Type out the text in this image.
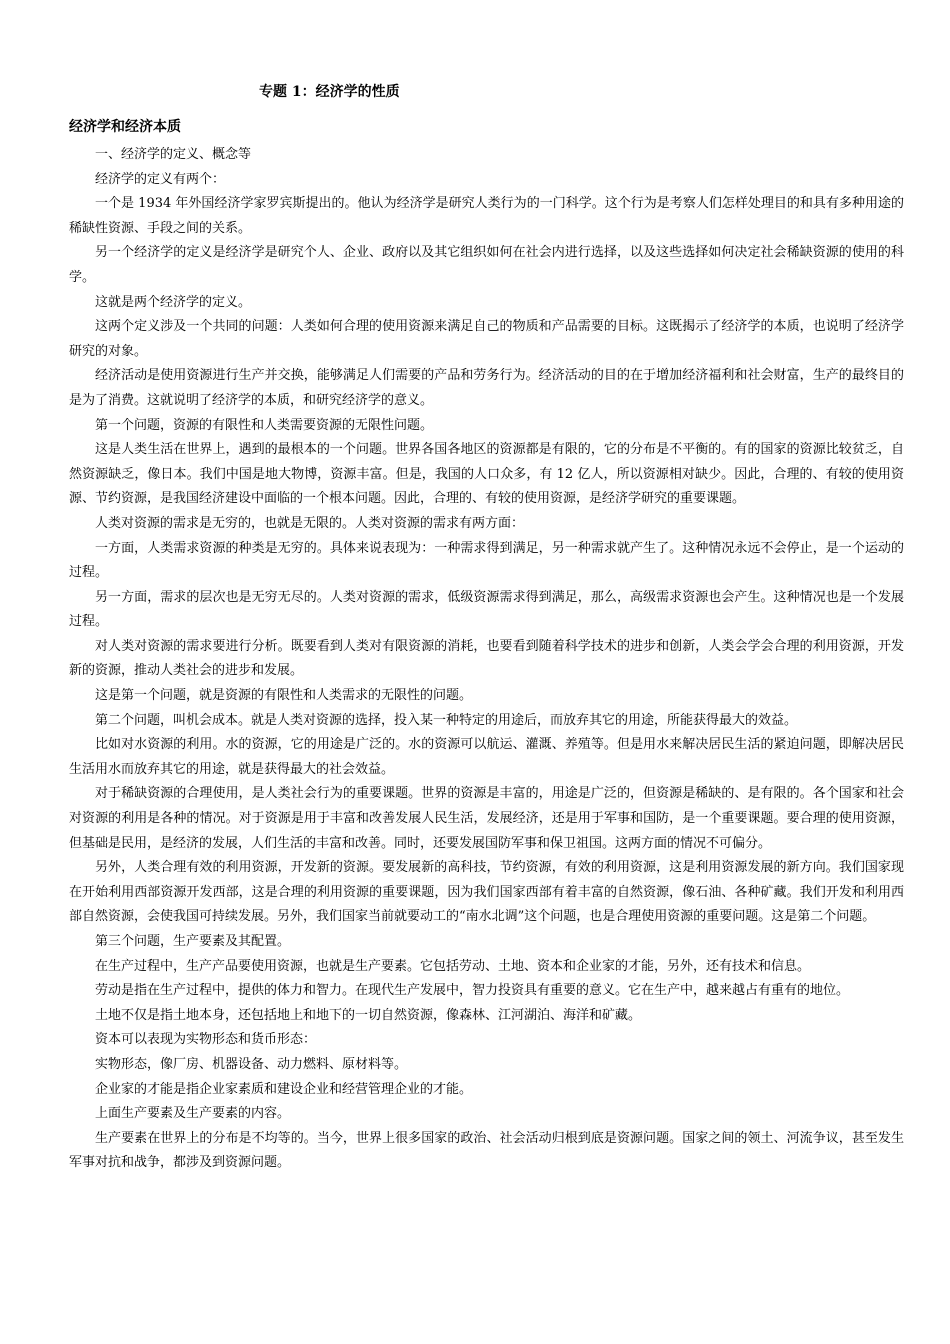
专题 1：经济学的性质
经济学和经济本质

一、经济学的定义、概念等

经济学的定义有两个：

一个是 1934 年外国经济学家罗宾斯提出的。他认为经济学是研究人类行为的一门科学。这个行为是考察人们怎样处理目的和具有多种用途的稀缺性资源、手段之间的关系。

另一个经济学的定义是经济学是研究个人、企业、政府以及其它组织如何在社会内进行选择，以及这些选择如何决定社会稀缺资源的使用的科学。

这就是两个经济学的定义。

这两个定义涉及一个共同的问题：人类如何合理的使用资源来满足自己的物质和产品需要的目标。这既揭示了经济学的本质，也说明了经济学研究的对象。

经济活动是使用资源进行生产并交换，能够满足人们需要的产品和劳务行为。经济活动的目的在于增加经济福利和社会财富，生产的最终目的是为了消费。这就说明了经济学的本质，和研究经济学的意义。

第一个问题，资源的有限性和人类需要资源的无限性问题。

这是人类生活在世界上，遇到的最根本的一个问题。世界各国各地区的资源都是有限的，它的分布是不平衡的。有的国家的资源比较贫乏，自然资源缺乏，像日本。我们中国是地大物博，资源丰富。但是，我国的人口众多，有 12 亿人，所以资源相对缺少。因此，合理的、有较的使用资源、节约资源，是我国经济建设中面临的一个根本问题。因此，合理的、有较的使用资源，是经济学研究的重要课题。

人类对资源的需求是无穷的，也就是无限的。人类对资源的需求有两方面：

一方面，人类需求资源的种类是无穷的。具体来说表现为：一种需求得到满足，另一种需求就产生了。这种情况永远不会停止，是一个运动的过程。

另一方面，需求的层次也是无穷无尽的。人类对资源的需求，低级资源需求得到满足，那么，高级需求资源也会产生。这种情况也是一个发展过程。

对人类对资源的需求要进行分析。既要看到人类对有限资源的消耗，也要看到随着科学技术的进步和创新，人类会学会合理的利用资源，开发新的资源，推动人类社会的进步和发展。

这是第一个问题，就是资源的有限性和人类需求的无限性的问题。

第二个问题，叫机会成本。就是人类对资源的选择，投入某一种特定的用途后，而放弃其它的用途，所能获得最大的效益。

比如对水资源的利用。水的资源，它的用途是广泛的。水的资源可以航运、灌溉、养殖等。但是用水来解决居民生活的紧迫问题，即解决居民生活用水而放弃其它的用途，就是获得最大的社会效益。

对于稀缺资源的合理使用，是人类社会行为的重要课题。世界的资源是丰富的，用途是广泛的，但资源是稀缺的、是有限的。各个国家和社会对资源的利用是各种的情况。对于资源是用于丰富和改善发展人民生活，发展经济，还是用于军事和国防，是一个重要课题。要合理的使用资源，但基础是民用，是经济的发展，人们生活的丰富和改善。同时，还要发展国防军事和保卫祖国。这两方面的情况不可偏分。

另外，人类合理有效的利用资源，开发新的资源。要发展新的高科技，节约资源，有效的利用资源，这是利用资源发展的新方向。我们国家现在开始利用西部资源开发西部，这是合理的利用资源的重要课题，因为我们国家西部有着丰富的自然资源，像石油、各种矿藏。我们开发和利用西部自然资源，会使我国可持续发展。另外，我们国家当前就要动工的“南水北调”这个问题，也是合理使用资源的重要问题。这是第二个问题。

第三个问题，生产要素及其配置。

在生产过程中，生产产品要使用资源，也就是生产要素。它包括劳动、土地、资本和企业家的才能，另外，还有技术和信息。

劳动是指在生产过程中，提供的体力和智力。在现代生产发展中，智力投资具有重要的意义。它在生产中，越来越占有重有的地位。

土地不仅是指土地本身，还包括地上和地下的一切自然资源，像森林、江河湖泊、海洋和矿藏。

资本可以表现为实物形态和货币形态：

实物形态，像厂房、机器设备、动力燃料、原材料等。

企业家的才能是指企业家素质和建设企业和经营管理企业的才能。

上面生产要素及生产要素的内容。

生产要素在世界上的分布是不均等的。当今，世界上很多国家的政治、社会活动归根到底是资源问题。国家之间的领土、河流争议，甚至发生军事对抗和战争，都涉及到资源问题。
